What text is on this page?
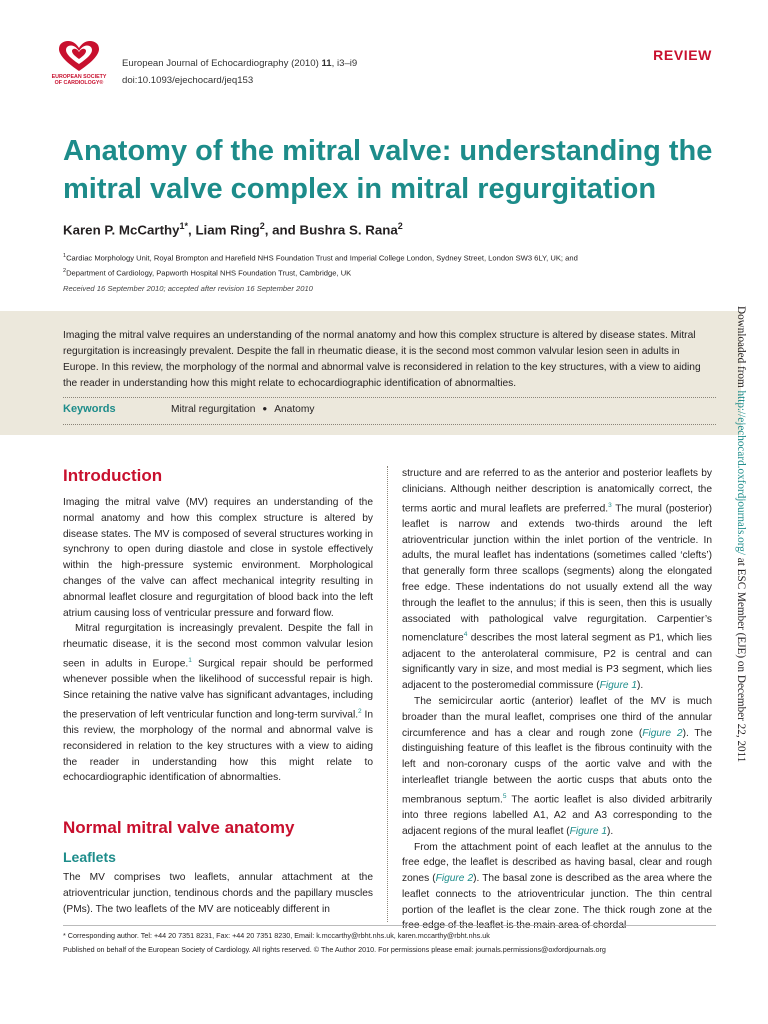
EUROPEAN SOCIETY OF CARDIOLOGY®
European Journal of Echocardiography (2010) 11, i3–i9
doi:10.1093/ejechocard/jeq153
REVIEW
Anatomy of the mitral valve: understanding the mitral valve complex in mitral regurgitation
Karen P. McCarthy$^{1*}$, Liam Ring$^2$, and Bushra S. Rana$^2$
$^1$Cardiac Morphology Unit, Royal Brompton and Harefield NHS Foundation Trust and Imperial College London, Sydney Street, London SW3 6LY, UK; and
$^2$Department of Cardiology, Papworth Hospital NHS Foundation Trust, Cambridge, UK
Received 16 September 2010; accepted after revision 16 September 2010
Imaging the mitral valve requires an understanding of the normal anatomy and how this complex structure is altered by disease states. Mitral regurgitation is increasingly prevalent. Despite the fall in rheumatic diease, it is the second most common valvular lesion seen in adults in Europe. In this review, the morphology of the normal and abnormal valve is reconsidered in relation to the key structures, with a view to aiding the reader in understanding how this might relate to echocardiographic identification of abnormalties.
Keywords	Mitral regurgitation ● Anatomy
Introduction

Imaging the mitral valve (MV) requires an understanding of the normal anatomy and how this complex structure is altered by disease states. The MV is composed of several structures working in synchrony to open during diastole and close in systole effectively within the high-pressure systemic environment. Morphological changes of the valve can affect mechanical integrity resulting in abnormal leaflet closure and regurgitation of blood back into the left atrium causing loss of ventricular pressure and forward flow.

Mitral regurgitation is increasingly prevalent. Despite the fall in rheumatic disease, it is the second most common valvular lesion seen in adults in Europe.$^1$ Surgical repair should be performed whenever possible when the likelihood of successful repair is high. Since retaining the native valve has significant advantages, including the preservation of left ventricular function and long-term survival.$^2$ In this review, the morphology of the normal and abnormal valve is reconsidered in relation to the key structures with a view to aiding the reader in understanding how this might relate to echocardiographic identification of abnormalties.

Normal mitral valve anatomy
Leaflets

The MV comprises two leaflets, annular attachment at the atrioventricular junction, tendinous chords and the papillary muscles (PMs). The two leaflets of the MV are noticeably different in

structure and are referred to as the anterior and posterior leaflets by clinicians. Although neither description is anatomically correct, the terms aortic and mural leaflets are preferred.$^3$ The mural (posterior) leaflet is narrow and extends two-thirds around the left atrioventricular junction within the inlet portion of the ventricle. In adults, the mural leaflet has indentations (sometimes called ‘clefts’) that generally form three scallops (segments) along the elongated free edge. These indentations do not usually extend all the way through the leaflet to the annulus; if this is seen, then this is usually associated with pathological valve regurgitation. Carpentier’s nomenclature$^4$ describes the most lateral segment as P1, which lies adjacent to the anterolateral commisure, P2 is central and can significantly vary in size, and most medial is P3 segment, which lies adjacent to the posteromedial commissure (Figure 1).

The semicircular aortic (anterior) leaflet of the MV is much broader than the mural leaflet, comprises one third of the annular circumference and has a clear and rough zone (Figure 2). The distinguishing feature of this leaflet is the fibrous continuity with the left and non-coronary cusps of the aortic valve and with the interleaflet triangle between the aortic cusps that abuts onto the membranous septum.$^5$ The aortic leaflet is also divided arbitrarily into three regions labelled A1, A2 and A3 corresponding to the adjacent regions of the mural leaflet (Figure 1).

From the attachment point of each leaflet at the annulus to the free edge, the leaflet is described as having basal, clear and rough zones (Figure 2). The basal zone is described as the area where the leaflet connects to the atrioventricular junction. The thin central portion of the leaflet is the clear zone. The thick rough zone at the free edge of the leaflet is the main area of chordal

* Corresponding author. Tel: +44 20 7351 8231, Fax: +44 20 7351 8230, Email: k.mccarthy@rbht.nhs.uk, karen.mccarthy@rbht.nhs.uk
Published on behalf of the European Society of Cardiology. All rights reserved. © The Author 2010. For permissions please email: journals.permissions@oxfordjournals.org
Downloaded from http://ejechocard.oxfordjournals.org/ at ESC Member (EJE) on December 22, 2011
